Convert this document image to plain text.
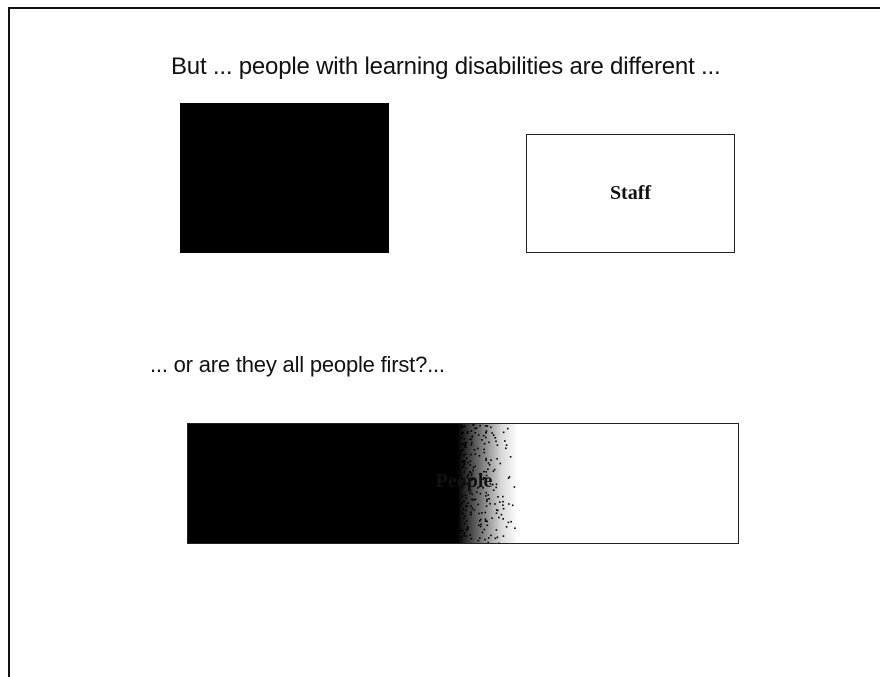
But ... people with learning disabilities are different ...
Staff
... or are they all people first?...
People
